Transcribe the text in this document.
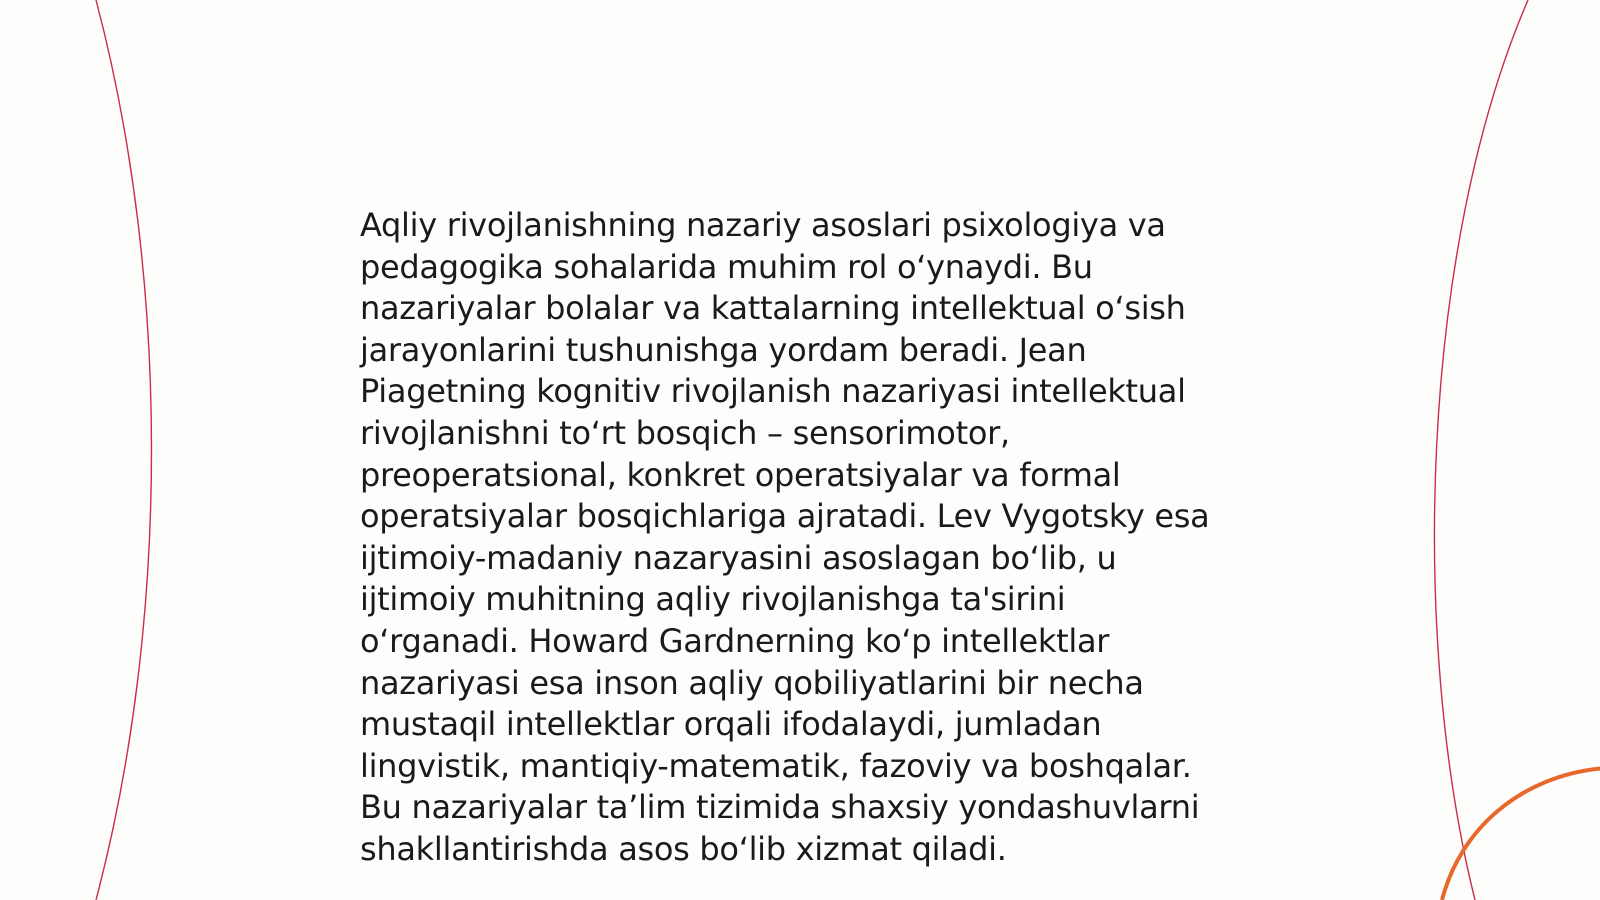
Aqliy rivojlanishning nazariy asoslari psixologiya va
pedagogika sohalarida muhim rol oʻynaydi. Bu
nazariyalar bolalar va kattalarning intellektual oʻsish
jarayonlarini tushunishga yordam beradi. Jean
Piagetning kognitiv rivojlanish nazariyasi intellektual
rivojlanishni toʻrt bosqich – sensorimotor,
preoperatsional, konkret operatsiyalar va formal
operatsiyalar bosqichlariga ajratadi. Lev Vygotsky esa
ijtimoiy-madaniy nazaryasini asoslagan boʻlib, u
ijtimoiy muhitning aqliy rivojlanishga ta'sirini
oʻrganadi. Howard Gardnerning koʻp intellektlar
nazariyasi esa inson aqliy qobiliyatlarini bir necha
mustaqil intellektlar orqali ifodalaydi, jumladan
lingvistik, mantiqiy-matematik, fazoviy va boshqalar.
Bu nazariyalar taʼlim tizimida shaxsiy yondashuvlarni
shakllantirishda asos boʻlib xizmat qiladi.
